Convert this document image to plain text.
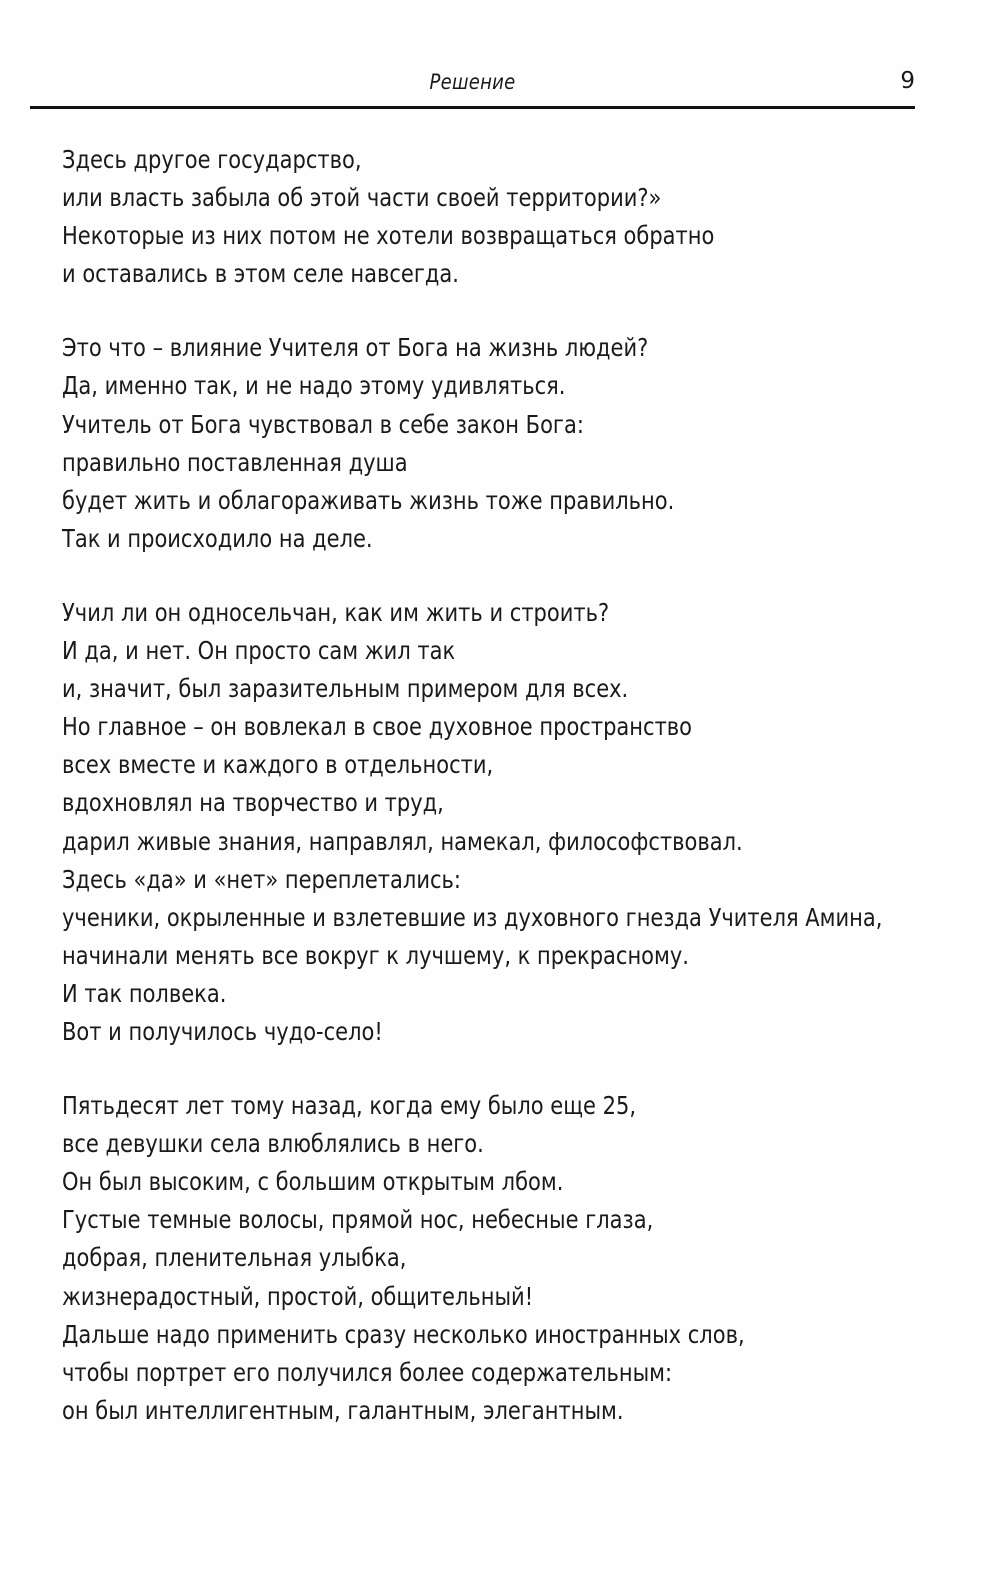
Решение	9
Здесь другое государство,
или власть забыла об этой части своей территории?»
Некоторые из них потом не хотели возвращаться обратно
и оставались в этом селе навсегда.
Это что – влияние Учителя от Бога на жизнь людей?
Да, именно так, и не надо этому удивляться.
Учитель от Бога чувствовал в себе закон Бога:
правильно поставленная душа
будет жить и облагораживать жизнь тоже правильно.
Так и происходило на деле.
Учил ли он односельчан, как им жить и строить?
И да, и нет. Он просто сам жил так
и, значит, был заразительным примером для всех.
Но главное – он вовлекал в свое духовное пространство
всех вместе и каждого в отдельности,
вдохновлял на творчество и труд,
дарил живые знания, направлял, намекал, философствовал.
Здесь «да» и «нет» переплетались:
ученики, окрыленные и взлетевшие из духовного гнезда Учителя Амина,
начинали менять все вокруг к лучшему, к прекрасному.
И так полвека.
Вот и получилось чудо-село!
Пятьдесят лет тому назад, когда ему было еще 25,
все девушки села влюблялись в него.
Он был высоким, с большим открытым лбом.
Густые темные волосы, прямой нос, небесные глаза,
добрая, пленительная улыбка,
жизнерадостный, простой, общительный!
Дальше надо применить сразу несколько иностранных слов,
чтобы портрет его получился более содержательным:
он был интеллигентным, галантным, элегантным.
